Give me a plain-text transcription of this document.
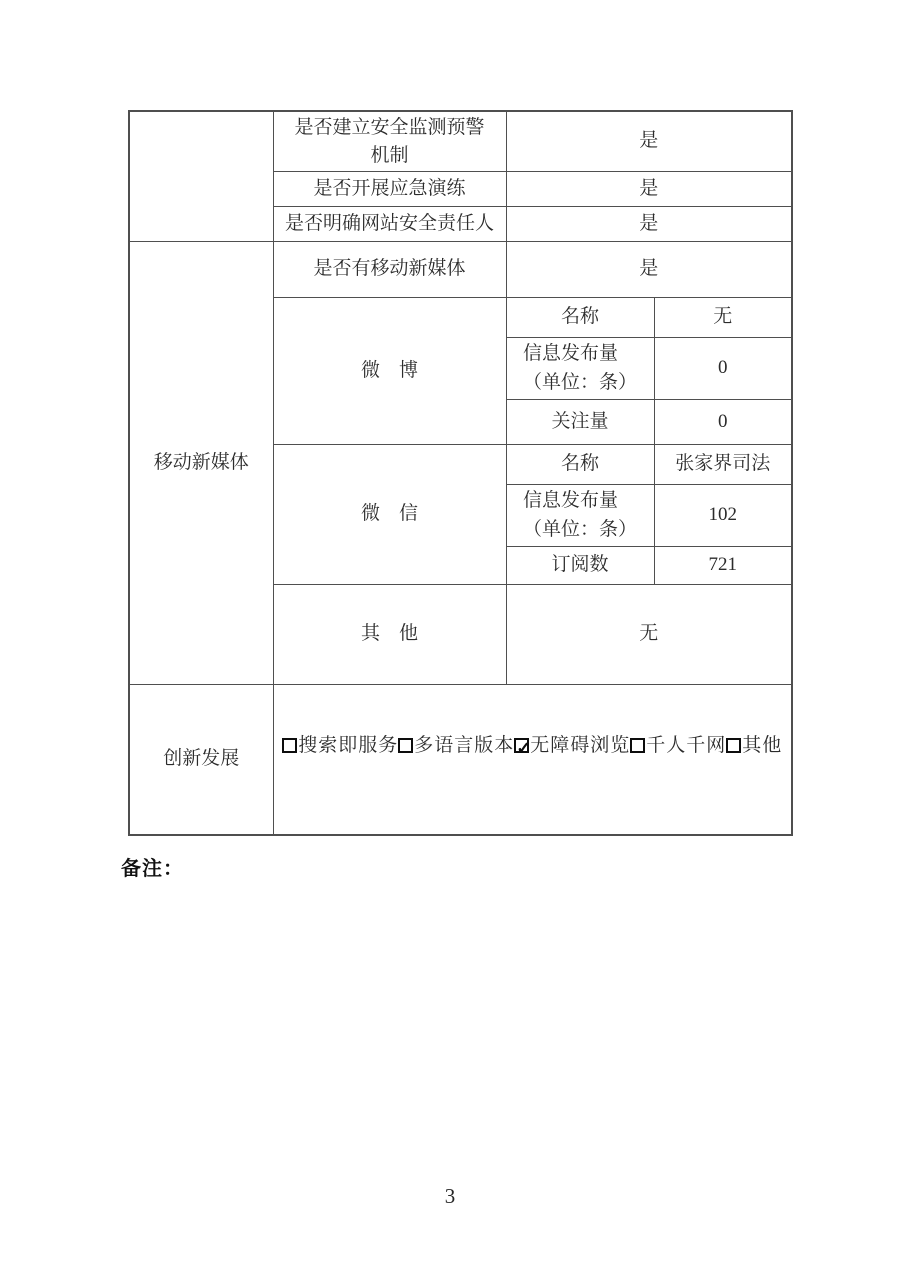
	是否建立安全监测预警
机制	是	
	是否开展应急演练	是	
	是否明确网站安全责任人	是	
移动新媒体	是否有移动新媒体	是	
	微　博	名称	无

		信息发布量
（单位：条）	0
		关注量	0
	微　信	名称	张家界司法

		信息发布量
（单位：条）	102
		订阅数	721
	其　他	无	
创新发展	搜索即服务 多语言版本 ✓ 无障碍浏览 千人千网 其他
备注：
3
